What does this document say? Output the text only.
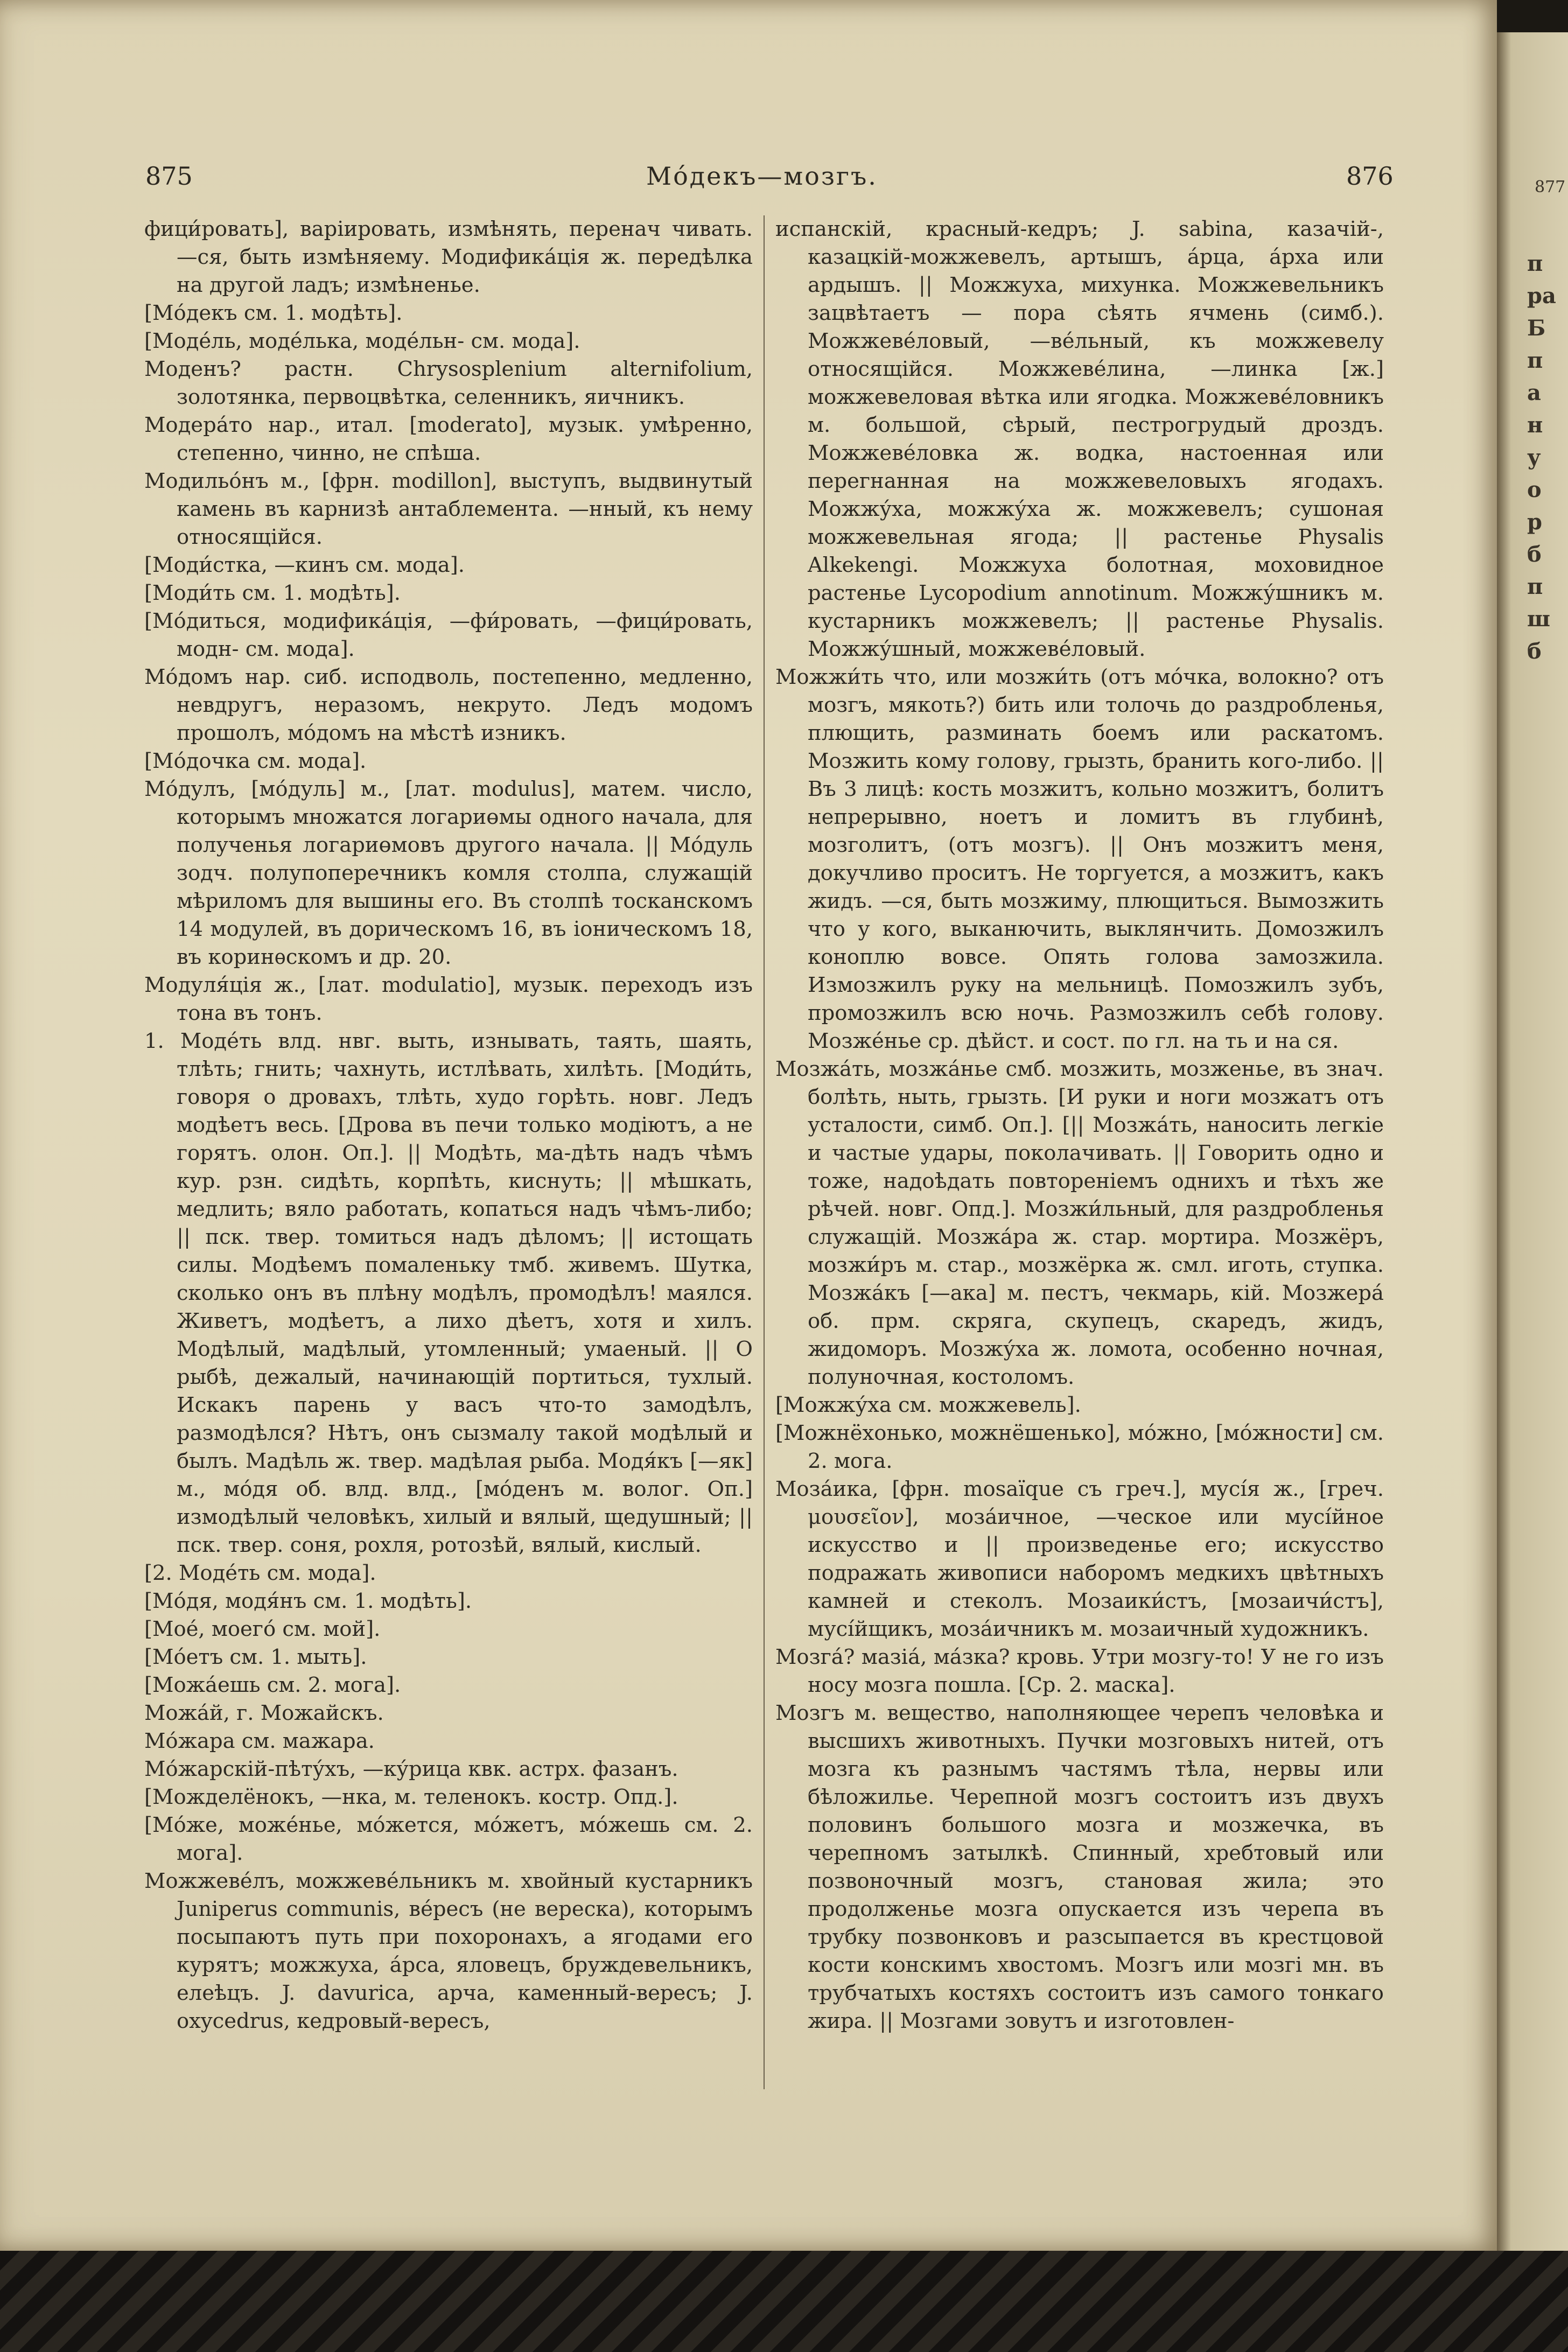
875	Мо́декъ—мозгъ.	876

фици́ровать], варіировать, измѣнять, перенач чивать. —ся, быть измѣняему. Модифика́ція ж. передѣлка на другой ладъ; измѣненье.

[Мо́декъ см. 1. модѣть].

[Моде́ль, моде́лька, моде́льн- см. мода].

Моденъ? растн. Chrysosplenium alternifolium, золотянка, первоцвѣтка, селенникъ, яичникъ.

Модера́то нар., итал. [moderato], музык. умѣренно, степенно, чинно, не спѣша.

Модильо́нъ м., [фрн. modillon], выступъ, выдвинутый камень въ карнизѣ антаблемента. —нный, къ нему относящійся.

[Моди́стка, —кинъ см. мода].

[Моди́ть см. 1. модѣть].

[Мо́диться, модифика́ція, —фи́ровать, —фици́ровать, модн- см. мода].

Мо́домъ нар. сиб. исподволь, постепенно, медленно, невдругъ, неразомъ, некруто. Ледъ модомъ прошолъ, мо́домъ на мѣстѣ изникъ.

[Мо́дочка см. мода].

Мо́дулъ, [мо́дуль] м., [лат. modulus], матем. число, которымъ множатся логариөмы одного начала, для полученья логариөмовъ другого начала. || Мо́дуль зодч. полупоперечникъ комля столпа, служащій мѣриломъ для вышины его. Въ столпѣ тосканскомъ 14 модулей, въ дорическомъ 16, въ іоническомъ 18, въ коринѳскомъ и др. 20.

Модуля́ція ж., [лат. modulatio], музык. переходъ изъ тона въ тонъ.

1. Моде́ть влд. нвг. выть, изнывать, таять, шаять, тлѣть; гнить; чахнуть, истлѣвать, хилѣть. [Моди́ть, говоря о дровахъ, тлѣть, худо горѣть. новг. Ледъ модѣетъ весь. [Дрова въ печи только модіютъ, а не горятъ. олон. Оп.]. || Модѣть, ма-дѣть надъ чѣмъ кур. рзн. сидѣть, корпѣть, киснуть; || мѣшкать, медлить; вяло работать, копаться надъ чѣмъ-либо; || пск. твер. томиться надъ дѣломъ; || истощать силы. Модѣемъ помаленьку тмб. живемъ. Шутка, сколько онъ въ плѣну модѣлъ, промодѣлъ! маялся. Живетъ, модѣетъ, а лихо дѣетъ, хотя и хилъ. Модѣлый, мадѣлый, утомленный; умаеный. || О рыбѣ, дежалый, начинающій портиться, тухлый. Искакъ парень у васъ что-то замодѣлъ, размодѣлся? Нѣтъ, онъ сызмалу такой модѣлый и былъ. Мадѣль ж. твер. мадѣлая рыба. Модя́къ [—як] м., мо́дя об. влд. влд., [мо́денъ м. волог. Оп.] измодѣлый человѣкъ, хилый и вялый, щедушный; || пск. твер. соня, рохля, ротозѣй, вялый, кислый.

[2. Моде́ть см. мода].

[Мо́дя, модя́нъ см. 1. модѣть].

[Мое́, моего́ см. мой].

[Мо́етъ см. 1. мыть].

[Можа́ешь см. 2. мога].

Можа́й, г. Можайскъ.

Мо́жара см. мажара.

Мо́жарскій-пѣту́хъ, —ку́рица квк. астрх. фазанъ.

[Можделёнокъ, —нка, м. теленокъ. костр. Опд.].

[Мо́же, може́нье, мо́жется, мо́жетъ, мо́жешь см. 2. мога].

Можжеве́лъ, можжеве́льникъ м. хвойный кустарникъ Juniperus communis, вéресъ (не вереска), которымъ посыпаютъ путь при похоронахъ, а ягодами его курятъ; можжуха, áрса, яловецъ, бруждевельникъ, елеѣцъ. J. davurica, арча, каменный-вересъ; J. oxycedrus, кедровый-вересъ,

испанскій, красный-кедръ; J. sabina, казачій-, казацкій-можжевелъ, артышъ, áрца, áрха или ардышъ. || Можжуха, михунка. Можжевельникъ зацвѣтаетъ — пора сѣять ячмень (симб.). Можжеве́ловый, —ве́льный, къ можжевелу относящійся. Можжеве́лина, —линка [ж.] можжевеловая вѣтка или ягодка. Можжеве́ловникъ м. большой, сѣрый, пестрогрудый дроздъ. Можжеве́ловка ж. водка, настоенная или перегнанная на можжевеловыхъ ягодахъ. Можжу́ха, можжу́ха ж. можжевелъ; сушоная можжевельная ягода; || растенье Physalis Alkekengi. Можжуха болотная, моховидное растенье Lycopodium annotinum. Можжу́шникъ м. кустарникъ можжевелъ; || растенье Physalis. Можжу́шный, можжеве́ловый.

Можжи́ть что, или мозжи́ть (отъ мо́чка, волокно? отъ мозгъ, мякоть?) бить или толочь до раздробленья, плющить, разминать боемъ или раскатомъ. Мозжить кому голову, грызть, бранить кого-либо. || Въ 3 лицѣ: кость мозжитъ, кольно мозжитъ, болитъ непрерывно, ноетъ и ломитъ въ глубинѣ, мозголитъ, (отъ мозгъ). || Онъ мозжитъ меня, докучливо проситъ. Не торгуется, а мозжитъ, какъ жидъ. —ся, быть мозжиму, плющиться. Вымозжить что у кого, выканючить, выклянчить. Домозжилъ коноплю вовсе. Опять голова замозжила. Измозжилъ руку на мельницѣ. Помозжилъ зубъ, промозжилъ всю ночь. Размозжилъ себѣ голову. Мозже́нье ср. дѣйст. и сост. по гл. на ть и на ся.

Мозжа́ть, мозжа́нье смб. мозжить, мозженье, въ знач. болѣть, ныть, грызть. [И руки и ноги мозжатъ отъ усталости, симб. Оп.]. [|| Мозжа́ть, наносить легкіе и частые удары, поколачивать. || Говорить одно и тоже, надоѣдать повтореніемъ однихъ и тѣхъ же рѣчей. новг. Опд.]. Мозжи́льный, для раздробленья служащій. Мозжа́ра ж. стар. мортира. Мозжёръ, мозжи́ръ м. стар., мозжёрка ж. смл. иготь, ступка. Мозжа́къ [—ака] м. пестъ, чекмарь, кій. Мозжера́ об. прм. скряга, скупецъ, скаредъ, жидъ, жидоморъ. Мозжу́ха ж. ломота, особенно ночная, полуночная, костоломъ.

[Можжу́ха см. можжевель].

[Можнёхонько, можнёшенько], мо́жно, [мо́жности] см. 2. мога.

Моза́ика, [фрн. mosaïque съ греч.], мусі́я ж., [греч. μουσεῖον], моза́ичное, —ческое или мусі́йное искусство и || произведенье его; искусство подражать живописи наборомъ медкихъ цвѣтныхъ камней и стеколъ. Мозаики́стъ, [мозаичи́стъ], мусі́йщикъ, моза́ичникъ м. мозаичный художникъ.

Мозга́? мазіа́, ма́зка? кровь. Утри мозгу-то! У не го изъ носу мозга пошла. [Ср. 2. маска].

Мозгъ м. вещество, наполняющее черепъ человѣка и высшихъ животныхъ. Пучки мозговыхъ нитей, отъ мозга къ разнымъ частямъ тѣла, нервы или бѣложилье. Черепной мозгъ состоитъ изъ двухъ половинъ большого мозга и мозжечка, въ черепномъ затылкѣ. Спинный, хребтовый или позвоночный мозгъ, становая жила; это продолженье мозга опускается изъ черепа въ трубку позвонковъ и разсыпается въ крестцовой кости конскимъ хвостомъ. Мозгъ или мозгі мн. въ трубчатыхъ костяхъ состоитъ изъ самого тонкаго жира. || Мозгами зовутъ и изготовлен-

877
п
ра
Б
п
а
н
у
о
р
б
п
ш
б
